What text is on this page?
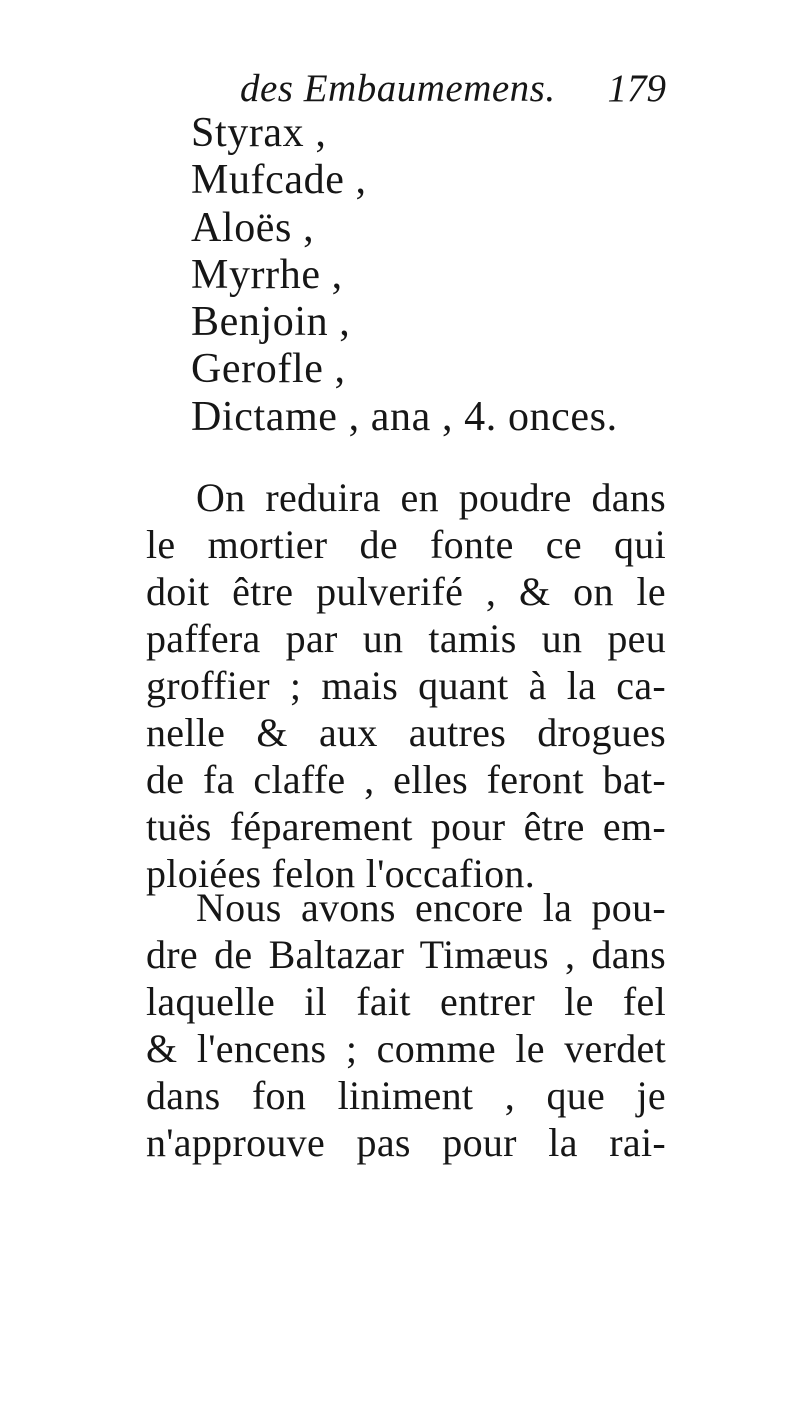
des Embaumemens. 179
Styrax ,
Mufcade ,
Aloës ,
Myrrhe ,
Benjoin ,
Gerofle ,
Dictame , ana , 4. onces.

On reduira en poudre dans
le mortier de fonte ce qui
doit être pulverifé , & on le
paffera par un tamis un peu
groffier ; mais quant à la ca-
nelle & aux autres drogues
de fa claffe , elles feront bat-
tuës féparement pour être em-
ploiées felon l'occafion.

Nous avons encore la pou-
dre de Baltazar Timæus , dans
laquelle il fait entrer le fel
& l'encens ; comme le verdet
dans fon liniment , que je
n'approuve pas pour la rai-
